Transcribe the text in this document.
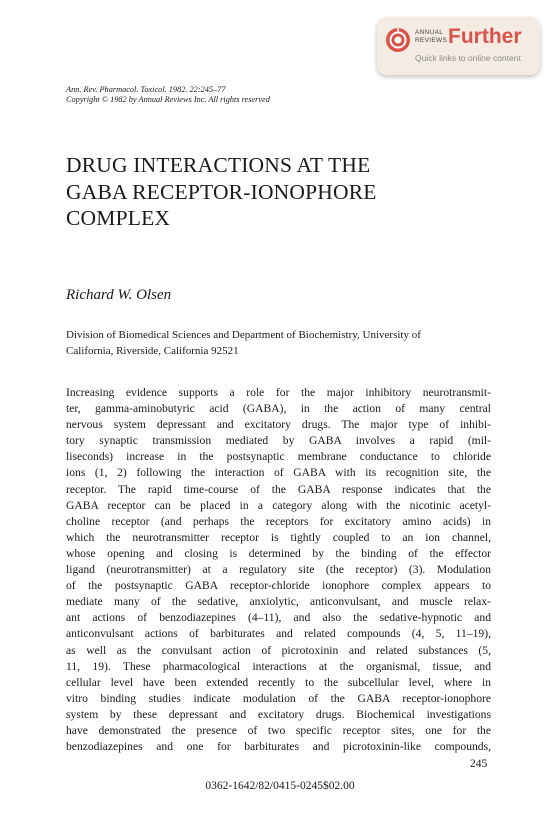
ANNUAL
REVIEWS Further
Quick links to online content
Ann. Rev. Pharmacol. Toxicol. 1982. 22:245–77
Copyright © 1982 by Annual Reviews Inc. All rights reserved
DRUG INTERACTIONS AT THE
GABA RECEPTOR-IONOPHORE
COMPLEX
Richard W. Olsen
Division of Biomedical Sciences and Department of Biochemistry, University of
California, Riverside, California 92521
Increasing evidence supports a role for the major inhibitory neurotransmit-
ter, gamma-aminobutyric acid (GABA), in the action of many central
nervous system depressant and excitatory drugs. The major type of inhibi-
tory synaptic transmission mediated by GABA involves a rapid (mil-
liseconds) increase in the postsynaptic membrane conductance to chloride
ions (1, 2) following the interaction of GABA with its recognition site, the
receptor. The rapid time-course of the GABA response indicates that the
GABA receptor can be placed in a category along with the nicotinic acetyl-
choline receptor (and perhaps the receptors for excitatory amino acids) in
which the neurotransmitter receptor is tightly coupled to an ion channel,
whose opening and closing is determined by the binding of the effector
ligand (neurotransmitter) at a regulatory site (the receptor) (3). Modulation
of the postsynaptic GABA receptor-chloride ionophore complex appears to
mediate many of the sedative, anxiolytic, anticonvulsant, and muscle relax-
ant actions of benzodiazepines (4–11), and also the sedative-hypnotic and
anticonvulsant actions of barbiturates and related compounds (4, 5, 11–19),
as well as the convulsant action of picrotoxinin and related substances (5,
11, 19). These pharmacological interactions at the organismal, tissue, and
cellular level have been extended recently to the subcellular level, where in
vitro binding studies indicate modulation of the GABA receptor-ionophore
system by these depressant and excitatory drugs. Biochemical investigations
have demonstrated the presence of two specific receptor sites, one for the
benzodiazepines and one for barbiturates and picrotoxinin-like compounds,
245
0362-1642/82/0415-0245$02.00
